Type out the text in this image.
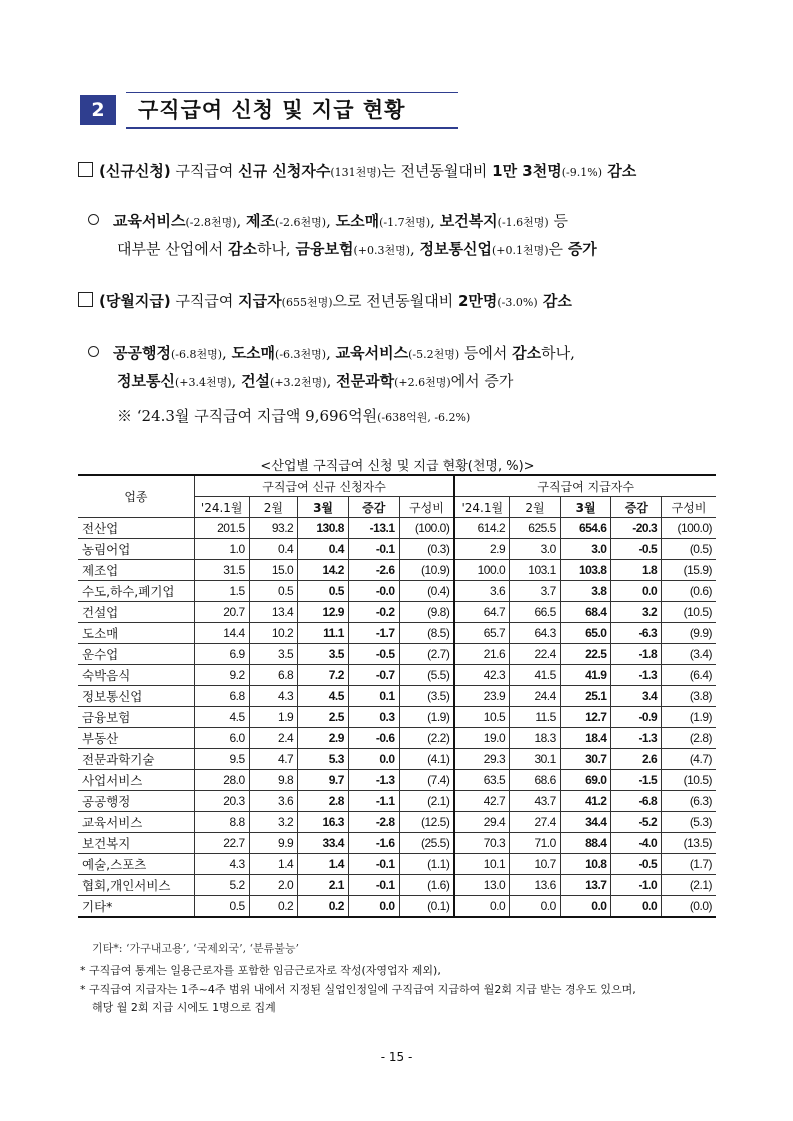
2	구직급여 신청 및 지급 현황
(신규신청) 구직급여 신규 신청자수(131천명)는 전년동월대비 1만 3천명(-9.1%) 감소
교육서비스(-2.8천명), 제조(-2.6천명), 도소매(-1.7천명), 보건복지(-1.6천명) 등
대부분 산업에서 감소하나, 금융보험(+0.3천명), 정보통신업(+0.1천명)은 증가
(당월지급) 구직급여 지급자(655천명)으로 전년동월대비 2만명(-3.0%) 감소
공공행정(-6.8천명), 도소매(-6.3천명), 교육서비스(-5.2천명) 등에서 감소하나,
정보통신(+3.4천명), 건설(+3.2천명), 전문과학(+2.6천명)에서 증가
※ ‘24.3월 구직급여 지급액 9,696억원(-638억원, -6.2%)
<산업별 구직급여 신청 및 지급 현황(천명, %)>
업종	구직급여 신규 신청자수					구직급여 지급자수				
	'24.1월	2월	3월	증감	구성비	'24.1월	2월	3월	증감	구성비
전산업	201.5	93.2	130.8	-13.1	(100.0)	614.2	625.5	654.6	-20.3	(100.0)
농림어업	1.0	0.4	0.4	-0.1	(0.3)	2.9	3.0	3.0	-0.5	(0.5)
제조업	31.5	15.0	14.2	-2.6	(10.9)	100.0	103.1	103.8	1.8	(15.9)
수도,하수,폐기업	1.5	0.5	0.5	-0.0	(0.4)	3.6	3.7	3.8	0.0	(0.6)
건설업	20.7	13.4	12.9	-0.2	(9.8)	64.7	66.5	68.4	3.2	(10.5)
도소매	14.4	10.2	11.1	-1.7	(8.5)	65.7	64.3	65.0	-6.3	(9.9)
운수업	6.9	3.5	3.5	-0.5	(2.7)	21.6	22.4	22.5	-1.8	(3.4)
숙박음식	9.2	6.8	7.2	-0.7	(5.5)	42.3	41.5	41.9	-1.3	(6.4)
정보통신업	6.8	4.3	4.5	0.1	(3.5)	23.9	24.4	25.1	3.4	(3.8)
금융보험	4.5	1.9	2.5	0.3	(1.9)	10.5	11.5	12.7	-0.9	(1.9)
부동산	6.0	2.4	2.9	-0.6	(2.2)	19.0	18.3	18.4	-1.3	(2.8)
전문과학기술	9.5	4.7	5.3	0.0	(4.1)	29.3	30.1	30.7	2.6	(4.7)
사업서비스	28.0	9.8	9.7	-1.3	(7.4)	63.5	68.6	69.0	-1.5	(10.5)
공공행정	20.3	3.6	2.8	-1.1	(2.1)	42.7	43.7	41.2	-6.8	(6.3)
교육서비스	8.8	3.2	16.3	-2.8	(12.5)	29.4	27.4	34.4	-5.2	(5.3)
보건복지	22.7	9.9	33.4	-1.6	(25.5)	70.3	71.0	88.4	-4.0	(13.5)
예술,스포츠	4.3	1.4	1.4	-0.1	(1.1)	10.1	10.7	10.8	-0.5	(1.7)
협회,개인서비스	5.2	2.0	2.1	-0.1	(1.6)	13.0	13.6	13.7	-1.0	(2.1)
기타*	0.5	0.2	0.2	0.0	(0.1)	0.0	0.0	0.0	0.0	(0.0)
기타*: ‘가구내고용’, ‘국제외국’, ‘분류불능’
* 구직급여 통계는 일용근로자를 포함한 임금근로자로 작성(자영업자 제외),
* 구직급여 지급자는 1주~4주 범위 내에서 지정된 실업인정일에 구직급여 지급하여 월2회 지급 받는 경우도 있으며,
해당 월 2회 지급 시에도 1명으로 집계
- 15 -
